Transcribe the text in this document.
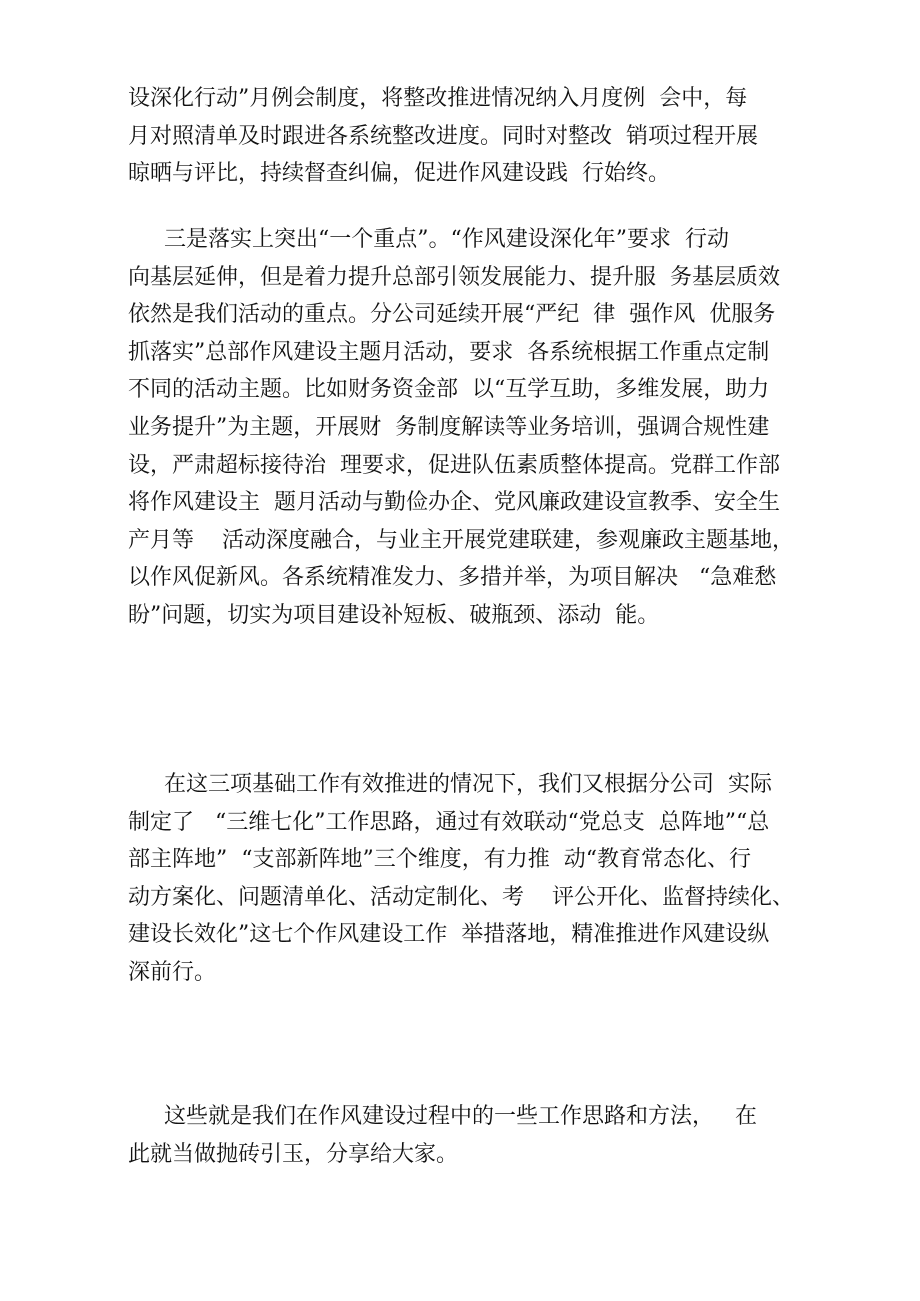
设深化行动”月例会制度，将整改推进情况纳入月度例  会中，每
月对照清单及时跟进各系统整改进度。同时对整改  销项过程开展
晾晒与评比，持续督查纠偏，促进作风建设践  行始终。
三是落实上突出“一个重点”。“作风建设深化年”要求  行动
向基层延伸，但是着力提升总部引领发展能力、提升服  务基层质效
依然是我们活动的重点。分公司延续开展“严纪  律  强作风  优服务
抓落实”总部作风建设主题月活动，要求  各系统根据工作重点定制
不同的活动主题。比如财务资金部  以“互学互助，多维发展，助力
业务提升”为主题，开展财  务制度解读等业务培训，强调合规性建
设，严肃超标接待治  理要求，促进队伍素质整体提高。党群工作部
将作风建设主  题月活动与勤俭办企、党风廉政建设宣教季、安全生
产月等    活动深度融合，与业主开展党建联建，参观廉政主题基地，
以作风促新风。各系统精准发力、多措并举，为项目解决   “急难愁
盼”问题，切实为项目建设补短板、破瓶颈、添动  能。
在这三项基础工作有效推进的情况下，我们又根据分公司  实际
制定了   “三维七化”工作思路，通过有效联动“党总支  总阵地”“总
部主阵地”  “支部新阵地”三个维度，有力推  动“教育常态化、行
动方案化、问题清单化、活动定制化、考    评公开化、监督持续化、
建设长效化”这七个作风建设工作  举措落地，精准推进作风建设纵
深前行。
这些就是我们在作风建设过程中的一些工作思路和方法，   在
此就当做抛砖引玉，分享给大家。
